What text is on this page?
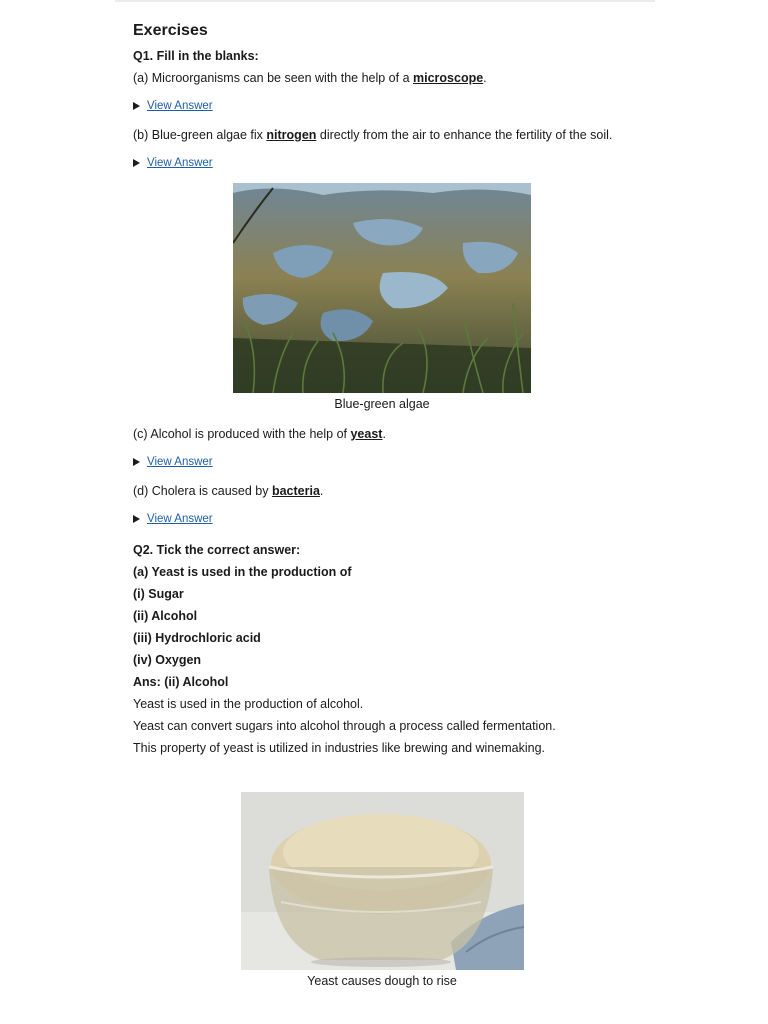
Exercises
Q1. Fill in the blanks:
(a) Microorganisms can be seen with the help of a microscope.
View Answer
(b) Blue-green algae fix nitrogen directly from the air to enhance the fertility of the soil.
View Answer
Blue-green algae
(c) Alcohol is produced with the help of yeast.
View Answer
(d) Cholera is caused by bacteria.
View Answer
Q2. Tick the correct answer:
(a) Yeast is used in the production of
(i) Sugar
(ii) Alcohol
(iii) Hydrochloric acid
(iv) Oxygen
Ans: (ii) Alcohol
Yeast is used in the production of alcohol.
Yeast can convert sugars into alcohol through a process called fermentation.
This property of yeast is utilized in industries like brewing and winemaking.
Yeast causes dough to rise
